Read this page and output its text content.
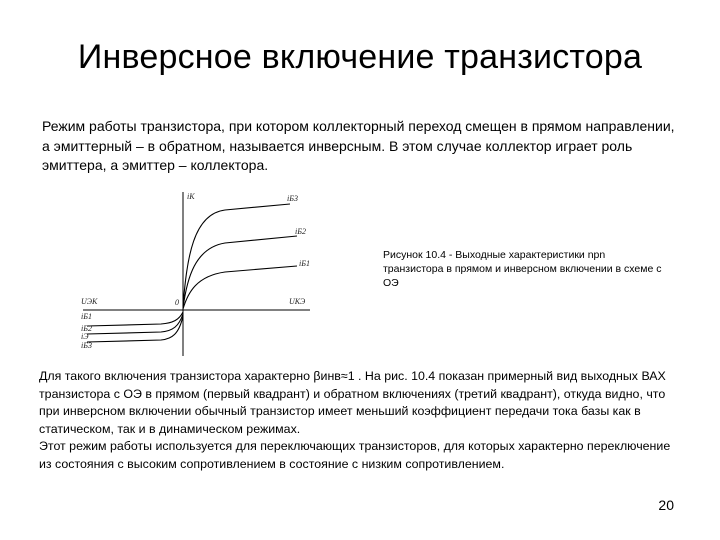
Инверсное включение транзистора
Режим работы транзистора, при котором коллекторный переход смещен в прямом направлении, а эмиттерный – в обратном, называется инверсным. В этом случае коллектор играет роль эмиттера, а эмиттер – коллектора.
iK
UКЭ
UЭК	0
iБ3
iБ2
iБ1
iБ1
iБ2
iБ3
iЭ
Рисунок 10.4 - Выходные характеристики npn транзистора в прямом и инверсном включении в схеме с ОЭ

Для такого включения транзистора характерно βинв≈1 . На рис. 10.4 показан примерный вид выходных ВАХ транзистора с ОЭ в прямом (первый квадрант) и обратном включениях (третий квадрант), откуда видно, что при инверсном включении обычный транзистор имеет меньший коэффициент передачи тока базы как в статическом, так и в динамическом режимах.

Этот режим работы используется для переключающих транзисторов, для которых характерно переключение из состояния с высоким сопротивлением в состояние с низким сопротивлением.

20
